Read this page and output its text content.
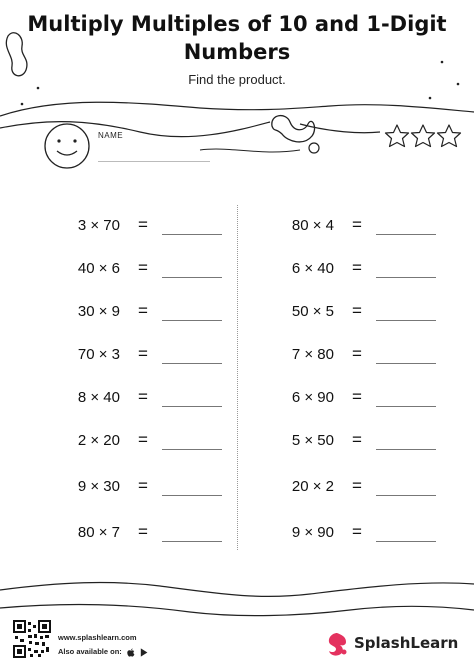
Multiply Multiples of 10 and 1-Digit
Numbers
Find the product.
NAME
3 × 70 =
40 × 6 =
30 × 9 =
70 × 3 =
8 × 40 =
2 × 20 =
9 × 30 =
80 × 7 =
80 × 4 =
6 × 40 =
50 × 5 =
7 × 80 =
6 × 90 =
5 × 50 =
20 × 2 =
9 × 90 =
www.splashlearn.com
Also available on:	SplashLearn
